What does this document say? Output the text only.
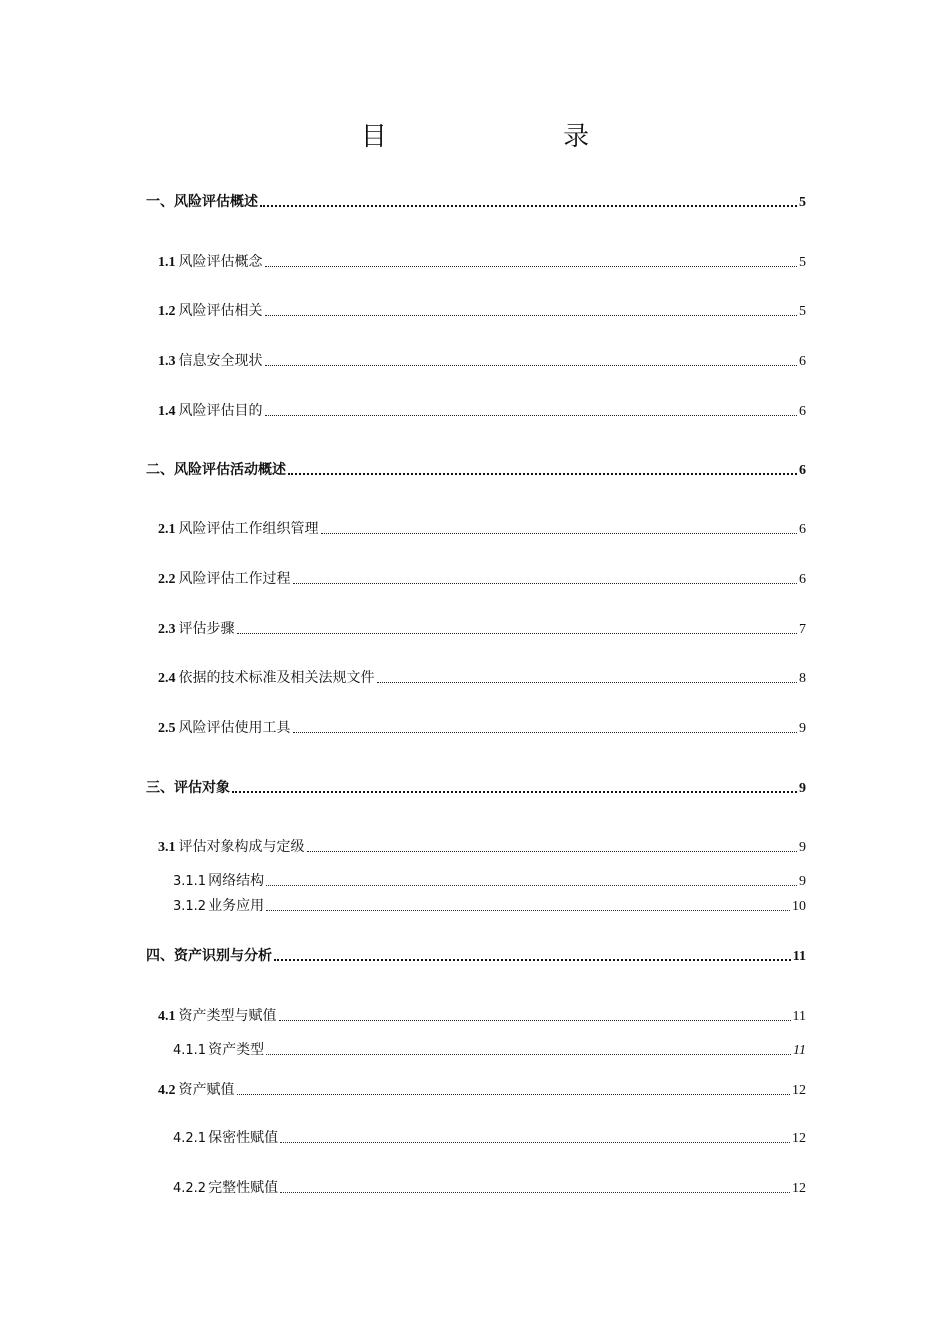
目 录
一、风险评估概述	5
1.1 风险评估概念	5
1.2 风险评估相关	5
1.3 信息安全现状	6
1.4 风险评估目的	6
二、风险评估活动概述	6
2.1 风险评估工作组织管理	6
2.2 风险评估工作过程	6
2.3 评估步骤	7
2.4 依据的技术标准及相关法规文件	8
2.5 风险评估使用工具	9
三、评估对象	9
3.1 评估对象构成与定级	9
3.1.1 网络结构	9
3.1.2 业务应用	10
四、资产识别与分析	11
4.1 资产类型与赋值	11
4.1.1 资产类型	11
4.2 资产赋值	12
4.2.1 保密性赋值	12
4.2.2 完整性赋值	12
